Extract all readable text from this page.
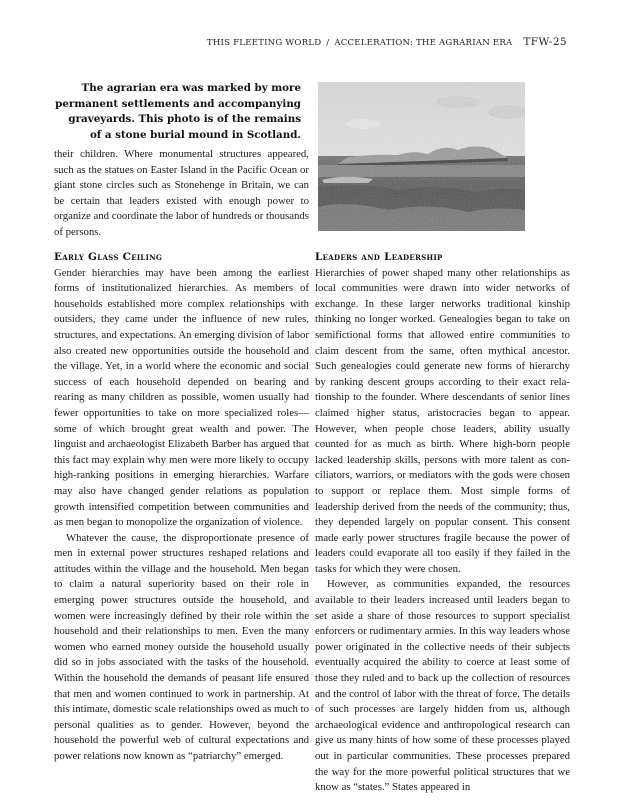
THIS FLEETING WORLD / ACCELERATION: THE AGRARIAN ERA TFW-25
The agrarian era was marked by more permanent settlements and accompanying graveyards. This photo is of the remains of a stone burial mound in Scotland.

their children. Where monumental structures appeared, such as the statues on Easter Island in the Pacific Ocean or giant stone circles such as Stonehenge in Britain, we can be certain that leaders existed with enough power to organize and coordinate the labor of hundreds or thousands of persons.

Early Glass Ceiling

Gender hierarchies may have been among the earliest forms of institutionalized hierarchies. As members of households established more complex relationships with outsiders, they came under the influence of new rules, structures, and expectations. An emerging division of labor also created new opportunities outside the household and the village. Yet, in a world where the economic and social success of each household depended on bearing and rearing as many children as possible, women usually had fewer opportunities to take on more specialized roles—some of which brought great wealth and power. The linguist and archaeologist Elizabeth Barber has argued that this fact may explain why men were more likely to occupy high-ranking positions in emerging hierarchies. Warfare may also have changed gender relations as population growth intensified competition between communities and as men began to monopolize the organization of violence.

Whatever the cause, the disproportionate presence of men in external power structures reshaped relations and attitudes within the village and the household. Men began to claim a natural superiority based on their role in emerging power structures outside the household, and women were increasingly defined by their role within the household and their relationships to men. Even the many women who earned money outside the household usually did so in jobs associated with the tasks of the household. Within the household the demands of peasant life ensured that men and women continued to work in partnership. At this intimate, domestic scale relationships owed as much to personal qualities as to gender. However, beyond the household the powerful web of cultural expectations and power relations now known as “patriarchy” emerged.

Leaders and Leadership

Hierarchies of power shaped many other relationships as local communities were drawn into wider networks of exchange. In these larger networks traditional kinship thinking no longer worked. Genealogies began to take on semifictional forms that allowed entire communities to claim descent from the same, often mythical ancestor. Such genealogies could generate new forms of hierarchy by ranking descent groups according to their exact relationship to the founder. Where descendants of senior lines claimed higher status, aristocracies began to appear. However, when people chose leaders, ability usually counted for as much as birth. Where high-born people lacked leadership skills, persons with more talent as conciliators, warriors, or mediators with the gods were chosen to support or replace them. Most simple forms of leadership derived from the needs of the community; thus, they depended largely on popular consent. This consent made early power structures fragile because the power of leaders could evaporate all too easily if they failed in the tasks for which they were chosen.

However, as communities expanded, the resources available to their leaders increased until leaders began to set aside a share of those resources to support specialist enforcers or rudimentary armies. In this way leaders whose power originated in the collective needs of their subjects eventually acquired the ability to coerce at least some of those they ruled and to back up the collection of resources and the control of labor with the threat of force. The details of such processes are largely hidden from us, although archaeological evidence and anthropological research can give us many hints of how some of these processes played out in particular communities. These processes prepared the way for the more powerful political structures that we know as “states.” States appeared in
